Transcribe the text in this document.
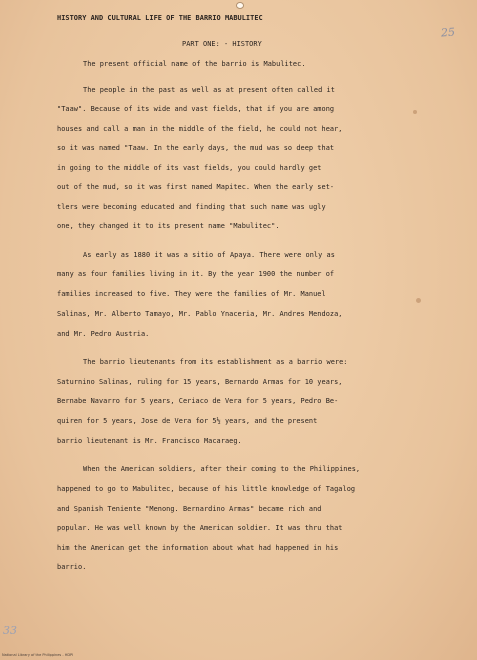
25
HISTORY AND CULTURAL LIFE OF THE BARRIO MABULITEC
PART ONE: - HISTORY
The present official name of the barrio is Mabulitec.
The people in the past as well as at present often called it
"Taaw". Because of its wide and vast fields, that if you are among
houses and call a man in the middle of the field, he could not hear,
so it was named "Taaw. In the early days, the mud was so deep that
in going to the middle of its vast fields, you could hardly get
out of the mud, so it was first named Mapitec. When the early set-
tlers were becoming educated and finding that such name was ugly
one, they changed it to its present name "Mabulitec".
As early as 1880 it was a sitio of Apaya. There were only as
many as four families living in it. By the year 1900 the number of
families increased to five. They were the families of Mr. Manuel
Salinas, Mr. Alberto Tamayo, Mr. Pablo Ynaceria, Mr. Andres Mendoza,
and Mr. Pedro Austria.
The barrio lieutenants from its establishment as a barrio were:
Saturnino Salinas, ruling for 15 years, Bernardo Armas for 10 years,
Bernabe Navarro for 5 years, Ceriaco de Vera for 5 years, Pedro Be-
quiren for 5 years, Jose de Vera for 5½ years, and the present
barrio lieutenant is Mr. Francisco Macaraeg.
When the American soldiers, after their coming to the Philippines,
happened to go to Mabulitec, because of his little knowledge of Tagalog
and Spanish Teniente "Menong. Bernardino Armas" became rich and
popular. He was well known by the American soldier. It was thru that
him the American get the information about what had happened in his
barrio.
33
National Library of the Philippines - HDPI
